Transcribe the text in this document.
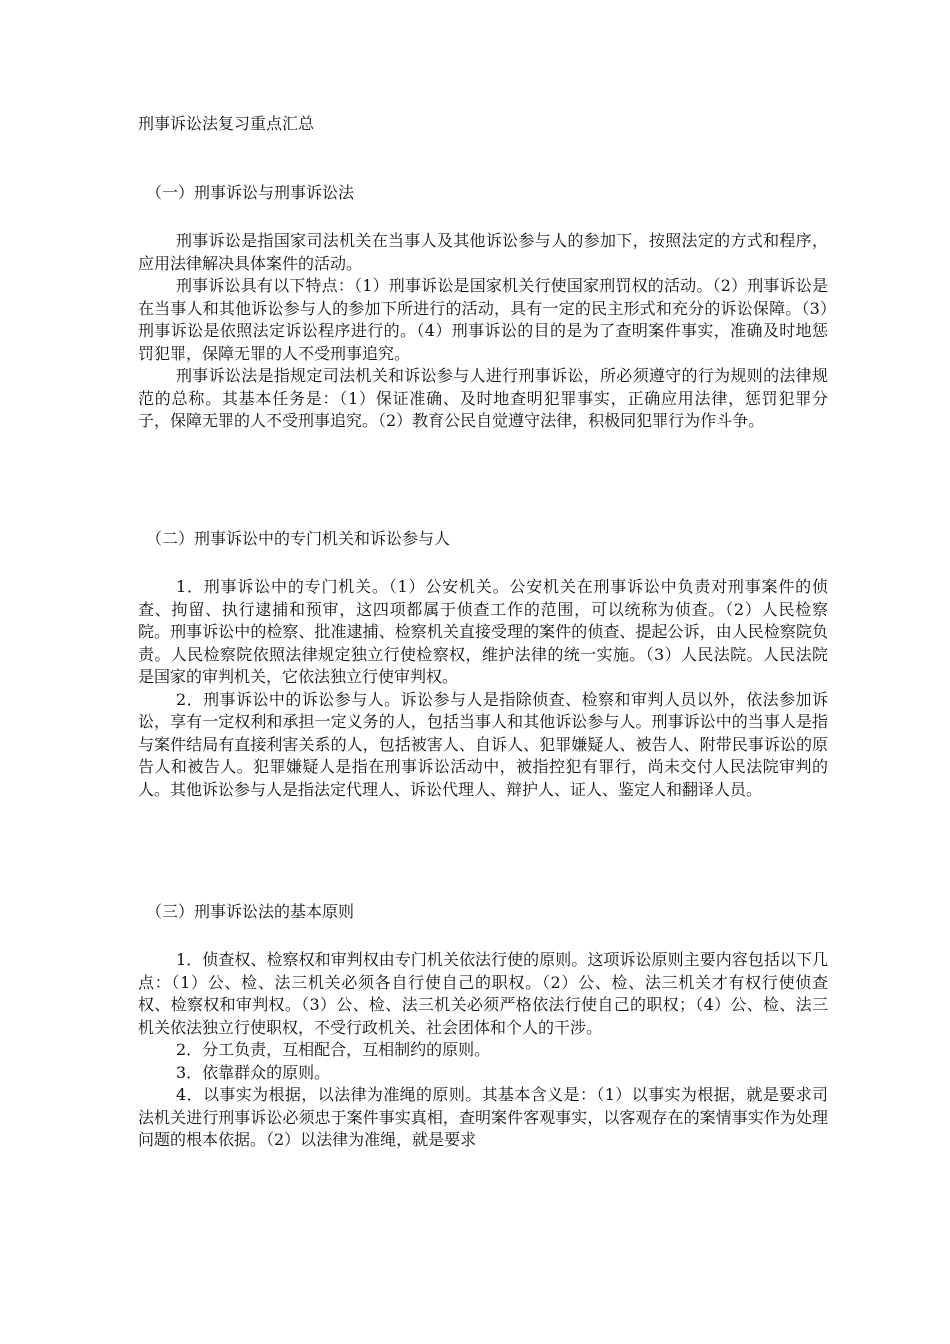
刑事诉讼法复习重点汇总
（一）刑事诉讼与刑事诉讼法

刑事诉讼是指国家司法机关在当事人及其他诉讼参与人的参加下，按照法定的方式和程序，应用法律解决具体案件的活动。

刑事诉讼具有以下特点：（1）刑事诉讼是国家机关行使国家刑罚权的活动。（2）刑事诉讼是在当事人和其他诉讼参与人的参加下所进行的活动，具有一定的民主形式和充分的诉讼保障。（3）刑事诉讼是依照法定诉讼程序进行的。（4）刑事诉讼的目的是为了查明案件事实，准确及时地惩罚犯罪，保障无罪的人不受刑事追究。

刑事诉讼法是指规定司法机关和诉讼参与人进行刑事诉讼，所必须遵守的行为规则的法律规范的总称。其基本任务是：（1）保证准确、及时地查明犯罪事实，正确应用法律，惩罚犯罪分子，保障无罪的人不受刑事追究。（2）教育公民自觉遵守法律，积极同犯罪行为作斗争。

（二）刑事诉讼中的专门机关和诉讼参与人

1．刑事诉讼中的专门机关。（1）公安机关。公安机关在刑事诉讼中负责对刑事案件的侦查、拘留、执行逮捕和预审，这四项都属于侦查工作的范围，可以统称为侦查。（2）人民检察院。刑事诉讼中的检察、批准逮捕、检察机关直接受理的案件的侦查、提起公诉，由人民检察院负责。人民检察院依照法律规定独立行使检察权，维护法律的统一实施。（3）人民法院。人民法院是国家的审判机关，它依法独立行使审判权。

2．刑事诉讼中的诉讼参与人。诉讼参与人是指除侦查、检察和审判人员以外，依法参加诉讼，享有一定权利和承担一定义务的人，包括当事人和其他诉讼参与人。刑事诉讼中的当事人是指与案件结局有直接利害关系的人，包括被害人、自诉人、犯罪嫌疑人、被告人、附带民事诉讼的原告人和被告人。犯罪嫌疑人是指在刑事诉讼活动中，被指控犯有罪行，尚未交付人民法院审判的人。其他诉讼参与人是指法定代理人、诉讼代理人、辩护人、证人、鉴定人和翻译人员。

（三）刑事诉讼法的基本原则

1．侦查权、检察权和审判权由专门机关依法行使的原则。这项诉讼原则主要内容包括以下几点：（1）公、检、法三机关必须各自行使自己的职权。（2）公、检、法三机关才有权行使侦查权、检察权和审判权。（3）公、检、法三机关必须严格依法行使自己的职权；（4）公、检、法三机关依法独立行使职权，不受行政机关、社会团体和个人的干涉。

2．分工负责，互相配合，互相制约的原则。

3．依靠群众的原则。

4．以事实为根据，以法律为准绳的原则。其基本含义是：（1）以事实为根据，就是要求司法机关进行刑事诉讼必须忠于案件事实真相，查明案件客观事实，以客观存在的案情事实作为处理问题的根本依据。（2）以法律为准绳，就是要求
